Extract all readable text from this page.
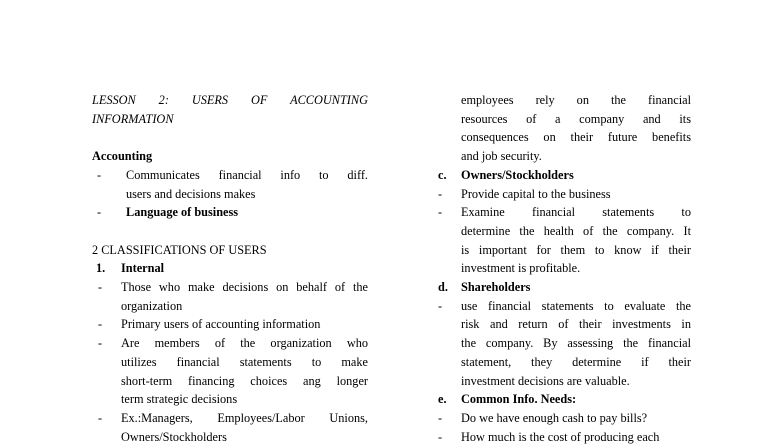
LESSON 2: USERS OF ACCOUNTING
INFORMATION
Accounting
-	Communicates financial info to diff.
users and decisions makes
-	Language of business
2 CLASSIFICATIONS OF USERS
1.	Internal
-	Those who make decisions on behalf of the
organization
-	Primary users of accounting information
-	Are members of the organization who
utilizes financial statements to make
short-term financing choices ang longer
term strategic decisions
-	Ex.:Managers, Employees/Labor Unions,
Owners/Stockholders
employees rely on the financial
resources of a company and its
consequences on their future benefits
and job security.
c.	Owners/Stockholders
-	Provide capital to the business
-	Examine financial statements to
determine the health of the company. It
is important for them to know if their
investment is profitable.
d.	Shareholders
-	use financial statements to evaluate the
risk and return of their investments in
the company. By assessing the financial
statement, they determine if their
investment decisions are valuable.
e.	Common Info. Needs:
-	Do we have enough cash to pay bills?
-	How much is the cost of producing each
